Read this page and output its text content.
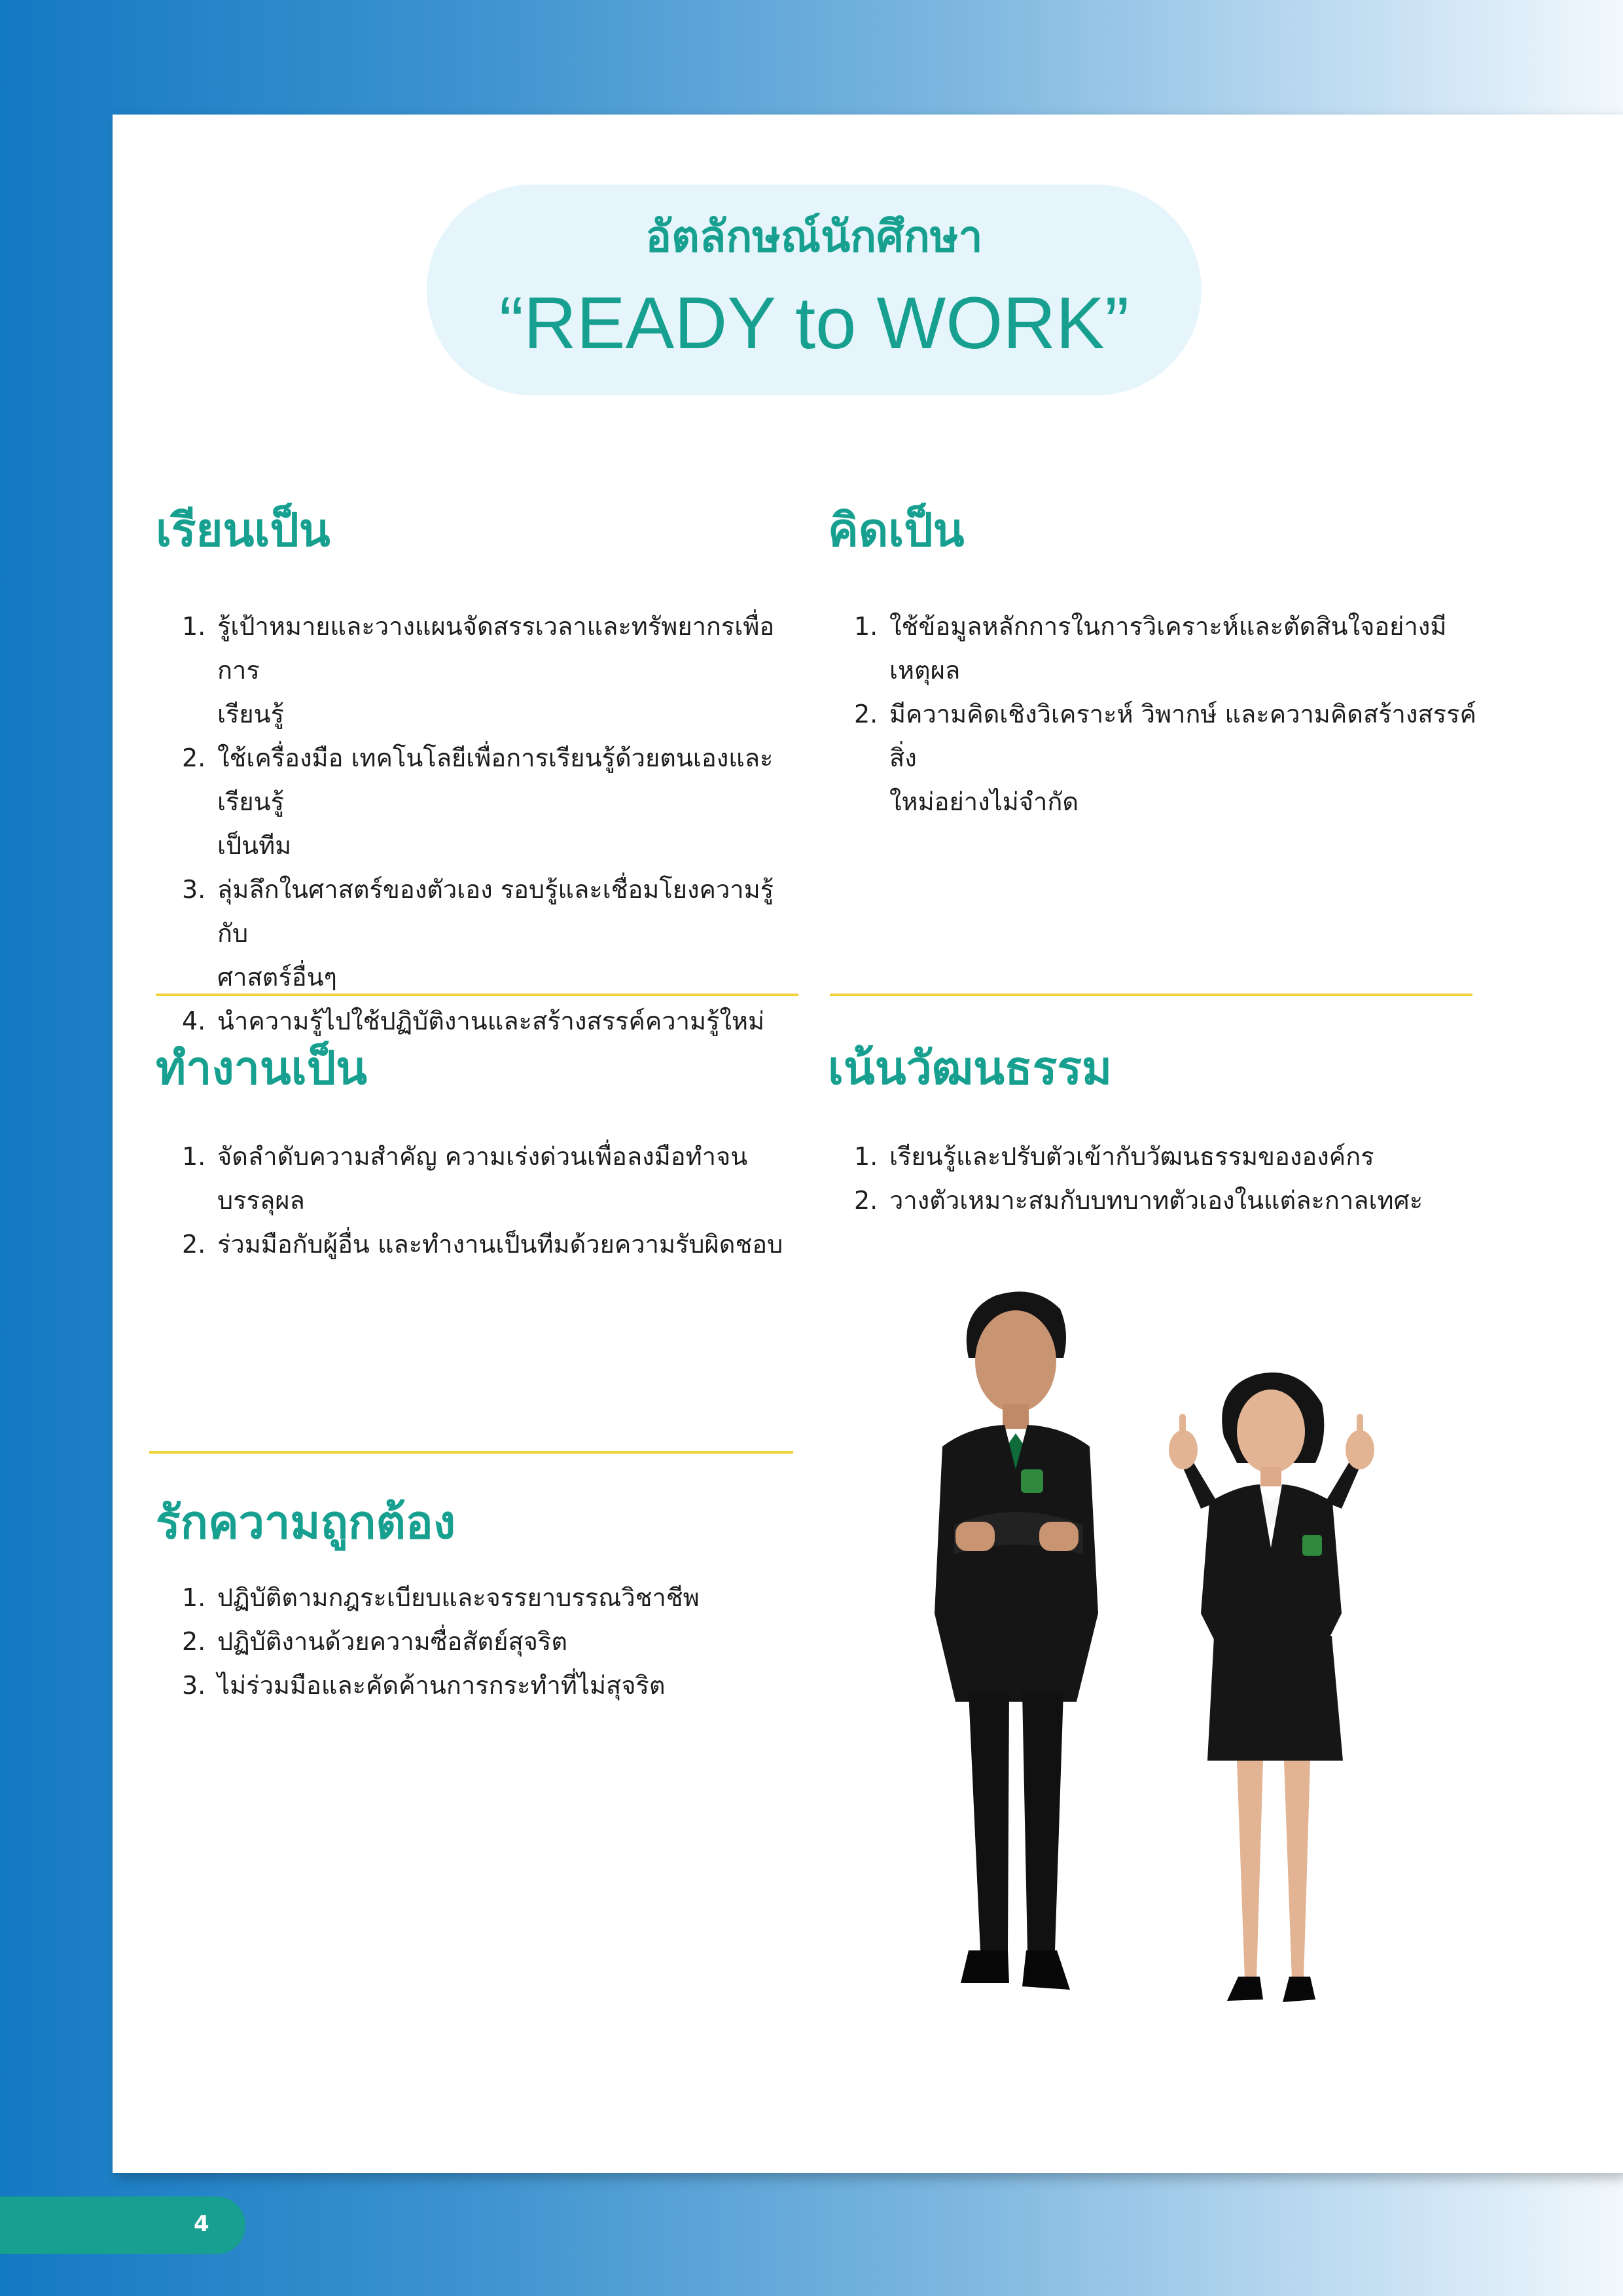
อัตลักษณ์นักศึกษา
“READY to WORK”
เรียนเป็น
1. รู้เป้าหมายและวางแผนจัดสรรเวลาและทรัพยากรเพื่อการ
เรียนรู้
2. ใช้เครื่องมือ เทคโนโลยีเพื่อการเรียนรู้ด้วยตนเองและเรียนรู้
เป็นทีม
3. ลุ่มลึกในศาสตร์ของตัวเอง รอบรู้และเชื่อมโยงความรู้กับ
ศาสตร์อื่นๆ
4. นำความรู้ไปใช้ปฏิบัติงานและสร้างสรรค์ความรู้ใหม่
คิดเป็น
1. ใช้ข้อมูลหลักการในการวิเคราะห์และตัดสินใจอย่างมีเหตุผล
2. มีความคิดเชิงวิเคราะห์ วิพากษ์ และความคิดสร้างสรรค์สิ่ง
ใหม่อย่างไม่จำกัด
ทำงานเป็น
1. จัดลำดับความสำคัญ ความเร่งด่วนเพื่อลงมือทำจนบรรลุผล
2. ร่วมมือกับผู้อื่น และทำงานเป็นทีมด้วยความรับผิดชอบ
เน้นวัฒนธรรม
1. เรียนรู้และปรับตัวเข้ากับวัฒนธรรมขององค์กร
2. วางตัวเหมาะสมกับบทบาทตัวเองในแต่ละกาลเทศะ
รักความถูกต้อง
1. ปฏิบัติตามกฎระเบียบและจรรยาบรรณวิชาชีพ
2. ปฏิบัติงานด้วยความซื่อสัตย์สุจริต
3. ไม่ร่วมมือและคัดค้านการกระทำที่ไม่สุจริต
4
